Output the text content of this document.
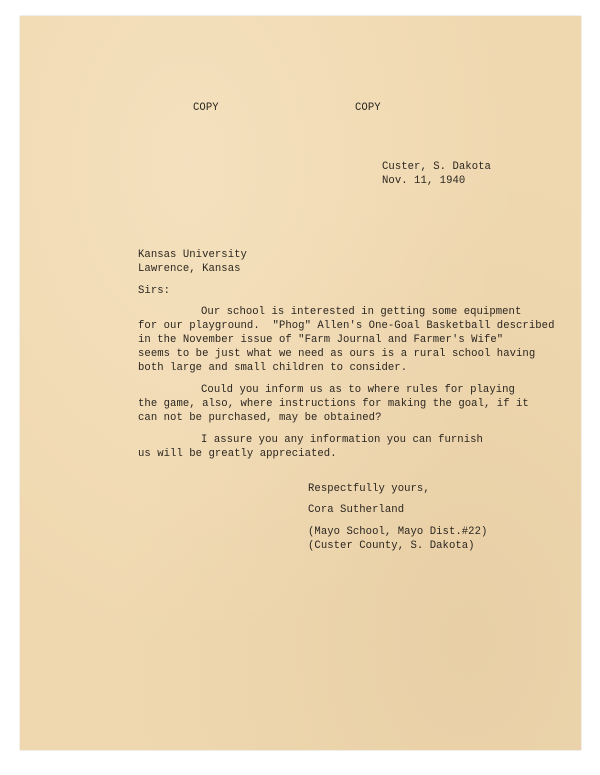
COPY	COPY
Custer, S. Dakota
Nov. 11, 1940
Kansas University
Lawrence, Kansas
Sirs:
Our school is interested in getting some equipment
for our playground.  "Phog" Allen's One-Goal Basketball described
in the November issue of "Farm Journal and Farmer's Wife"
seems to be just what we need as ours is a rural school having
both large and small children to consider.
Could you inform us as to where rules for playing
the game, also, where instructions for making the goal, if it
can not be purchased, may be obtained?
I assure you any information you can furnish
us will be greatly appreciated.
Respectfully yours,
Cora Sutherland
(Mayo School, Mayo Dist.#22)
(Custer County, S. Dakota)
